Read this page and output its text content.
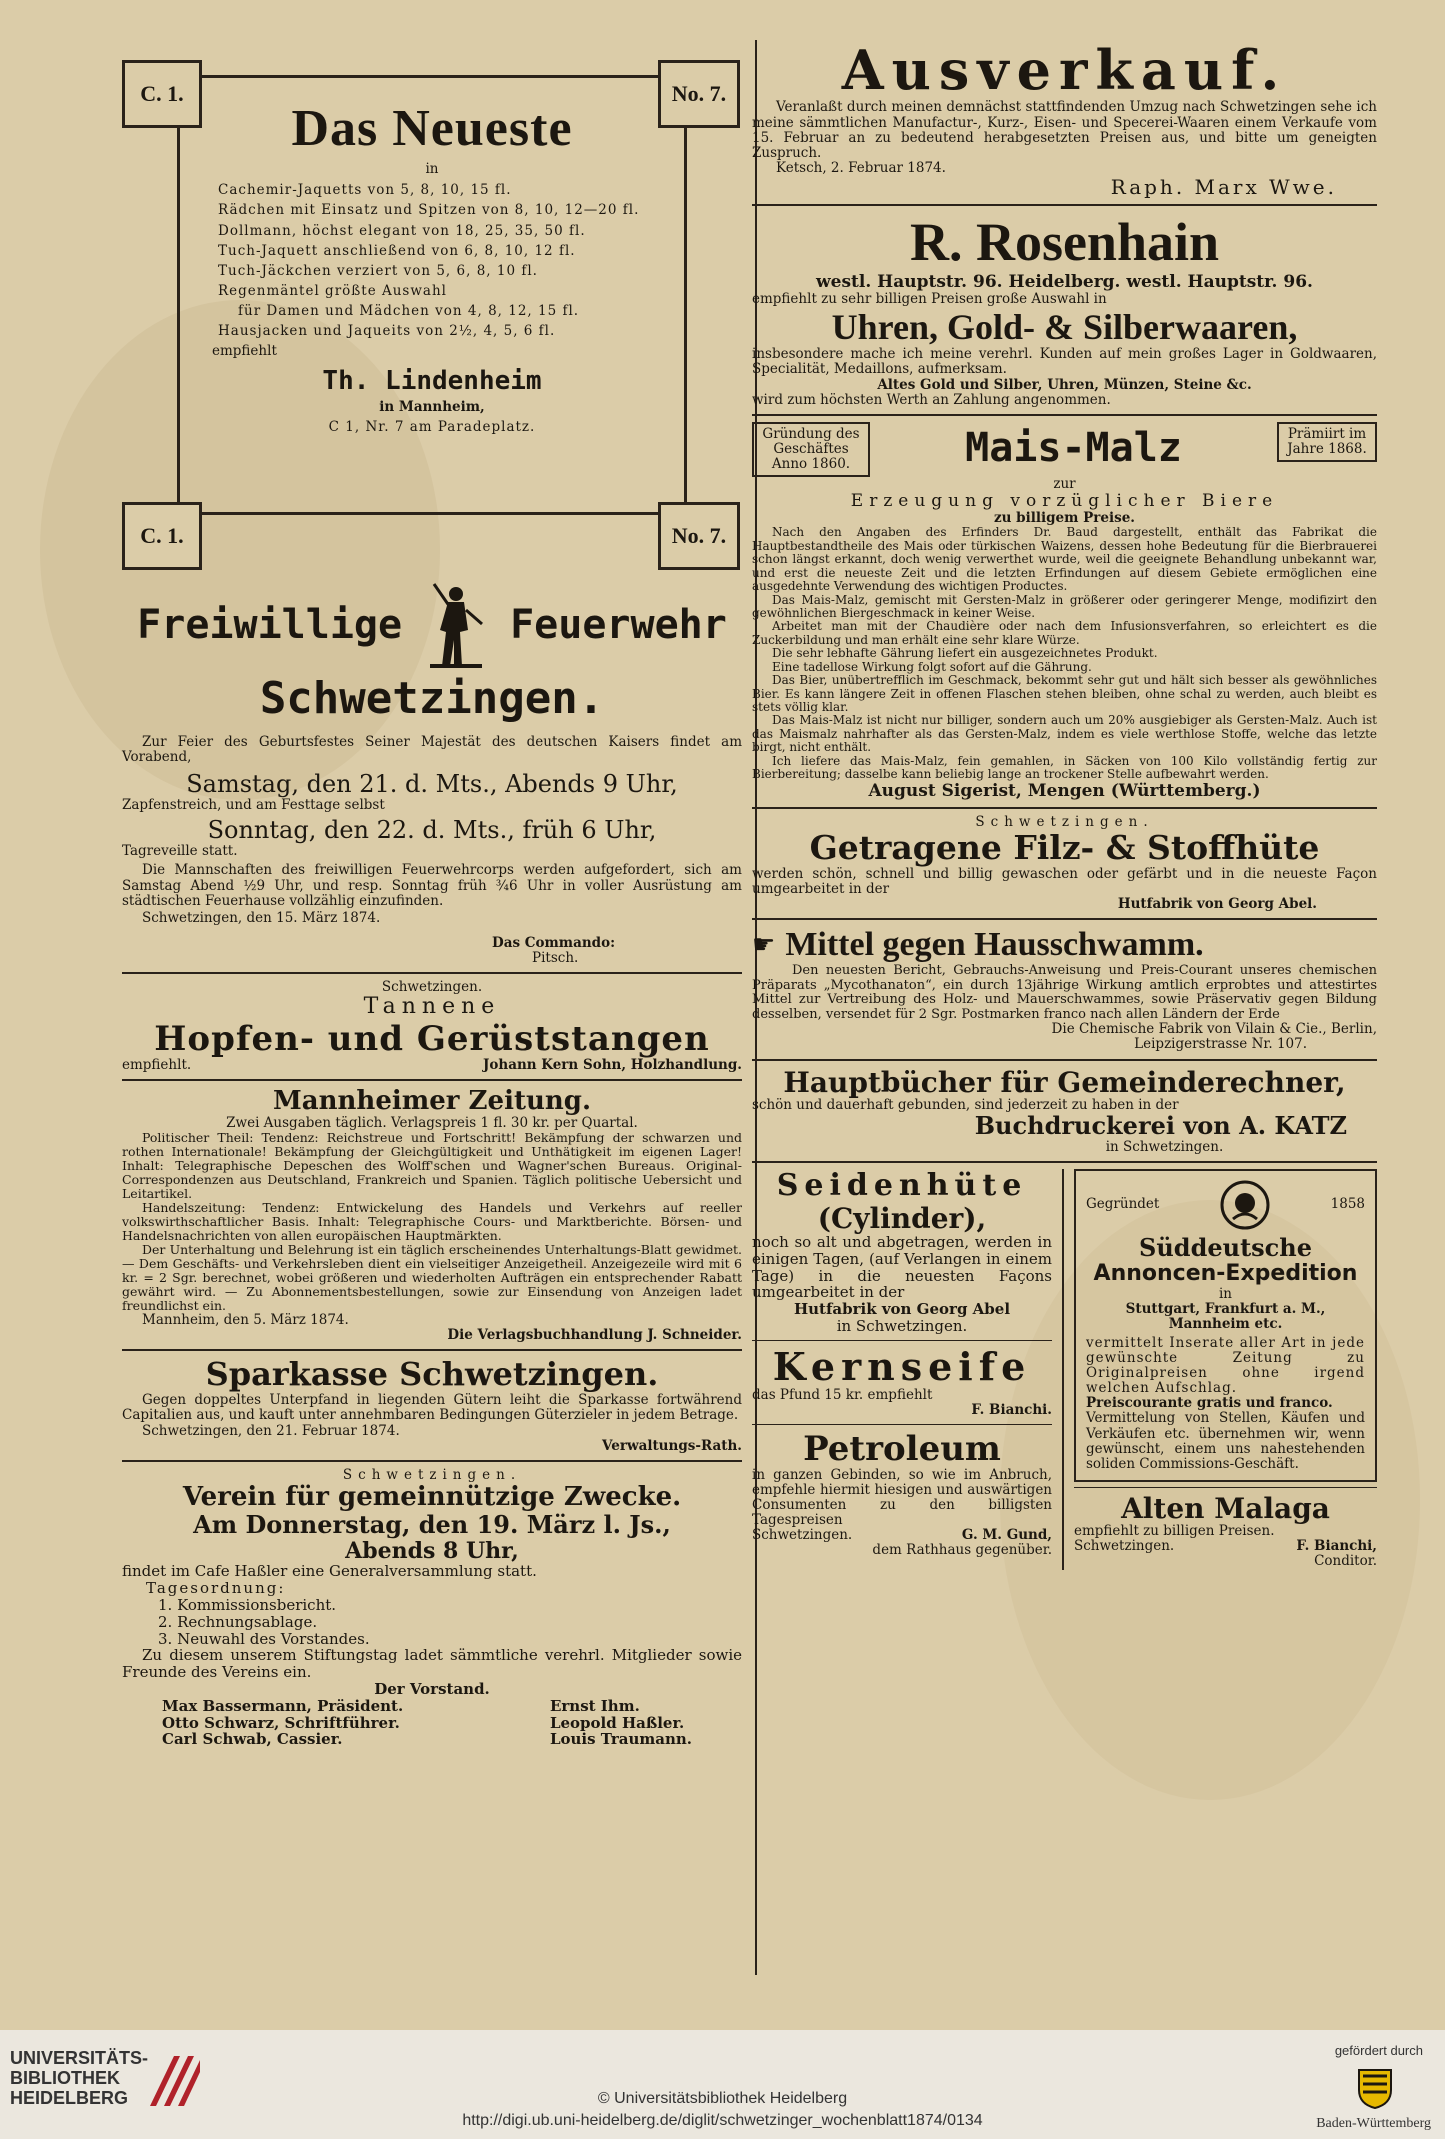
C. 1.	No. 7.
C. 1.	No. 7.
Das Neueste
in
Cachemir-Jaquetts von 5, 8, 10, 15 fl.
Rädchen mit Einsatz und Spitzen von 8, 10, 12—20 fl.
Dollmann, höchst elegant von 18, 25, 35, 50 fl.
Tuch-Jaquett anschließend von 6, 8, 10, 12 fl.
Tuch-Jäckchen verziert von 5, 6, 8, 10 fl.
Regenmäntel größte Auswahl
für Damen und Mädchen von 4, 8, 12, 15 fl.
Hausjacken und Jaqueits von 2½, 4, 5, 6 fl.
empfiehlt
Th. Lindenheim
in Mannheim,
C 1, Nr. 7 am Paradeplatz.
Freiwillige	Feuerwehr
Schwetzingen.
Zur Feier des Geburtsfestes Seiner Majestät des deutschen Kaisers findet am Vorabend,
Samstag, den 21. d. Mts., Abends 9 Uhr,
Zapfenstreich, und am Festtage selbst
Sonntag, den 22. d. Mts., früh 6 Uhr,
Tagreveille statt.
Die Mannschaften des freiwilligen Feuerwehrcorps werden aufgefordert, sich am Samstag Abend ½9 Uhr, und resp. Sonntag früh ¾6 Uhr in voller Ausrüstung am städtischen Feuerhause vollzählig einzufinden.
Schwetzingen, den 15. März 1874.
Das Commando:
Pitsch.
Schwetzingen.
Tannene
Hopfen- und Gerüststangen
empfiehlt.	Johann Kern Sohn, Holzhandlung.
Mannheimer Zeitung.
Zwei Ausgaben täglich. Verlagspreis 1 fl. 30 kr. per Quartal.
Politischer Theil: Tendenz: Reichstreue und Fortschritt! Bekämpfung der schwarzen und rothen Internationale! Bekämpfung der Gleichgültigkeit und Unthätigkeit im eigenen Lager! Inhalt: Telegraphische Depeschen des Wolff'schen und Wagner'schen Bureaus. Original-Correspondenzen aus Deutschland, Frankreich und Spanien. Täglich politische Uebersicht und Leitartikel.
Handelszeitung: Tendenz: Entwickelung des Handels und Verkehrs auf reeller volkswirthschaftlicher Basis. Inhalt: Telegraphische Cours- und Marktberichte. Börsen- und Handelsnachrichten von allen europäischen Hauptmärkten.
Der Unterhaltung und Belehrung ist ein täglich erscheinendes Unterhaltungs-Blatt gewidmet. — Dem Geschäfts- und Verkehrsleben dient ein vielseitiger Anzeigetheil. Anzeigezeile wird mit 6 kr. = 2 Sgr. berechnet, wobei größeren und wiederholten Aufträgen ein entsprechender Rabatt gewährt wird. — Zu Abonnementsbestellungen, sowie zur Einsendung von Anzeigen ladet freundlichst ein.
Mannheim, den 5. März 1874.
Die Verlagsbuchhandlung J. Schneider.
Sparkasse Schwetzingen.
Gegen doppeltes Unterpfand in liegenden Gütern leiht die Sparkasse fortwährend Capitalien aus, und kauft unter annehmbaren Bedingungen Güterzieler in jedem Betrage.
Schwetzingen, den 21. Februar 1874.
Verwaltungs-Rath.
Schwetzingen.
Verein für gemeinnützige Zwecke.
Am Donnerstag, den 19. März l. Js.,
Abends 8 Uhr,
findet im Cafe Haßler eine Generalversammlung statt.
Tagesordnung:
1. Kommissionsbericht.
2. Rechnungsablage.
3. Neuwahl des Vorstandes.
Zu diesem unserem Stiftungstag ladet sämmtliche verehrl. Mitglieder sowie Freunde des Vereins ein.
Der Vorstand.
Max Bassermann, Präsident.
Otto Schwarz, Schriftführer.
Carl Schwab, Cassier.
Ernst Ihm.
Leopold Haßler.
Louis Traumann.
Ausverkauf.
Veranlaßt durch meinen demnächst stattfindenden Umzug nach Schwetzingen sehe ich meine sämmtlichen Manufactur-, Kurz-, Eisen- und Specerei-Waaren einem Verkaufe vom 15. Februar an zu bedeutend herabgesetzten Preisen aus, und bitte um geneigten Zuspruch.
Ketsch, 2. Februar 1874.
Raph. Marx Wwe.
R. Rosenhain
westl. Hauptstr. 96. Heidelberg. westl. Hauptstr. 96.
empfiehlt zu sehr billigen Preisen große Auswahl in
Uhren, Gold- & Silberwaaren,
insbesondere mache ich meine verehrl. Kunden auf mein großes Lager in Goldwaaren, Specialität, Medaillons, aufmerksam.
Altes Gold und Silber, Uhren, Münzen, Steine &c.
wird zum höchsten Werth an Zahlung angenommen.
Gründung des Geschäftes Anno 1860.	Mais-Malz	Prämiirt im Jahre 1868.
zur
Erzeugung vorzüglicher Biere
zu billigem Preise.
Nach den Angaben des Erfinders Dr. Baud dargestellt, enthält das Fabrikat die Hauptbestandtheile des Mais oder türkischen Waizens, dessen hohe Bedeutung für die Bierbrauerei schon längst erkannt, doch wenig verwerthet wurde, weil die geeignete Behandlung unbekannt war, und erst die neueste Zeit und die letzten Erfindungen auf diesem Gebiete ermöglichen eine ausgedehnte Verwendung des wichtigen Productes.
Das Mais-Malz, gemischt mit Gersten-Malz in größerer oder geringerer Menge, modifizirt den gewöhnlichen Biergeschmack in keiner Weise.
Arbeitet man mit der Chaudière oder nach dem Infusionsverfahren, so erleichtert es die Zuckerbildung und man erhält eine sehr klare Würze.
Die sehr lebhafte Gährung liefert ein ausgezeichnetes Produkt.
Eine tadellose Wirkung folgt sofort auf die Gährung.
Das Bier, unübertrefflich im Geschmack, bekommt sehr gut und hält sich besser als gewöhnliches Bier. Es kann längere Zeit in offenen Flaschen stehen bleiben, ohne schal zu werden, auch bleibt es stets völlig klar.
Das Mais-Malz ist nicht nur billiger, sondern auch um 20% ausgiebiger als Gersten-Malz. Auch ist das Maismalz nahrhafter als das Gersten-Malz, indem es viele werthlose Stoffe, welche das letzte birgt, nicht enthält.
Ich liefere das Mais-Malz, fein gemahlen, in Säcken von 100 Kilo vollständig fertig zur Bierbereitung; dasselbe kann beliebig lange an trockener Stelle aufbewahrt werden.
August Sigerist, Mengen (Württemberg.)
Schwetzingen.
Getragene Filz- & Stoffhüte
werden schön, schnell und billig gewaschen oder gefärbt und in die neueste Façon umgearbeitet in der
Hutfabrik von Georg Abel.
☛ Mittel gegen Hausschwamm.
Den neuesten Bericht, Gebrauchs-Anweisung und Preis-Courant unseres chemischen Präparats „Mycothanaton“, ein durch 13jährige Wirkung amtlich erprobtes und attestirtes Mittel zur Vertreibung des Holz- und Mauerschwammes, sowie Präservativ gegen Bildung desselben, versendet für 2 Sgr. Postmarken franco nach allen Ländern der Erde
Die Chemische Fabrik von Vilain & Cie., Berlin,
Leipzigerstrasse Nr. 107.
Hauptbücher für Gemeinderechner,
schön und dauerhaft gebunden, sind jederzeit zu haben in der
Buchdruckerei von A. KATZ
in Schwetzingen.
Seidenhüte
(Cylinder),
noch so alt und abgetragen, werden in einigen Tagen, (auf Verlangen in einem Tage) in die neuesten Façons umgearbeitet in der
Hutfabrik von Georg Abel
in Schwetzingen.
Kernseife
das Pfund 15 kr. empfiehlt
F. Bianchi.
Petroleum
in ganzen Gebinden, so wie im Anbruch, empfehle hiermit hiesigen und auswärtigen Consumenten zu den billigsten Tagespreisen
Schwetzingen.	G. M. Gund,
dem Rathhaus gegenüber.
Gegründet	1858
Süddeutsche
Annoncen-Expedition
in
Stuttgart, Frankfurt a. M., Mannheim etc.
vermittelt Inserate aller Art in jede gewünschte Zeitung zu Originalpreisen ohne irgend welchen Aufschlag.
Preiscourante gratis und franco.
Vermittelung von Stellen, Käufen und Verkäufen etc. übernehmen wir, wenn gewünscht, einem uns nahestehenden soliden Commissions-Geschäft.
Alten Malaga
empfiehlt zu billigen Preisen.
Schwetzingen.	F. Bianchi,
Conditor.
UNIVERSITÄTS-
BIBLIOTHEK
HEIDELBERG	© Universitätsbibliothek Heidelberg
http://digi.ub.uni-heidelberg.de/diglit/schwetzinger_wochenblatt1874/0134
gefördert durch
Baden-Württemberg
